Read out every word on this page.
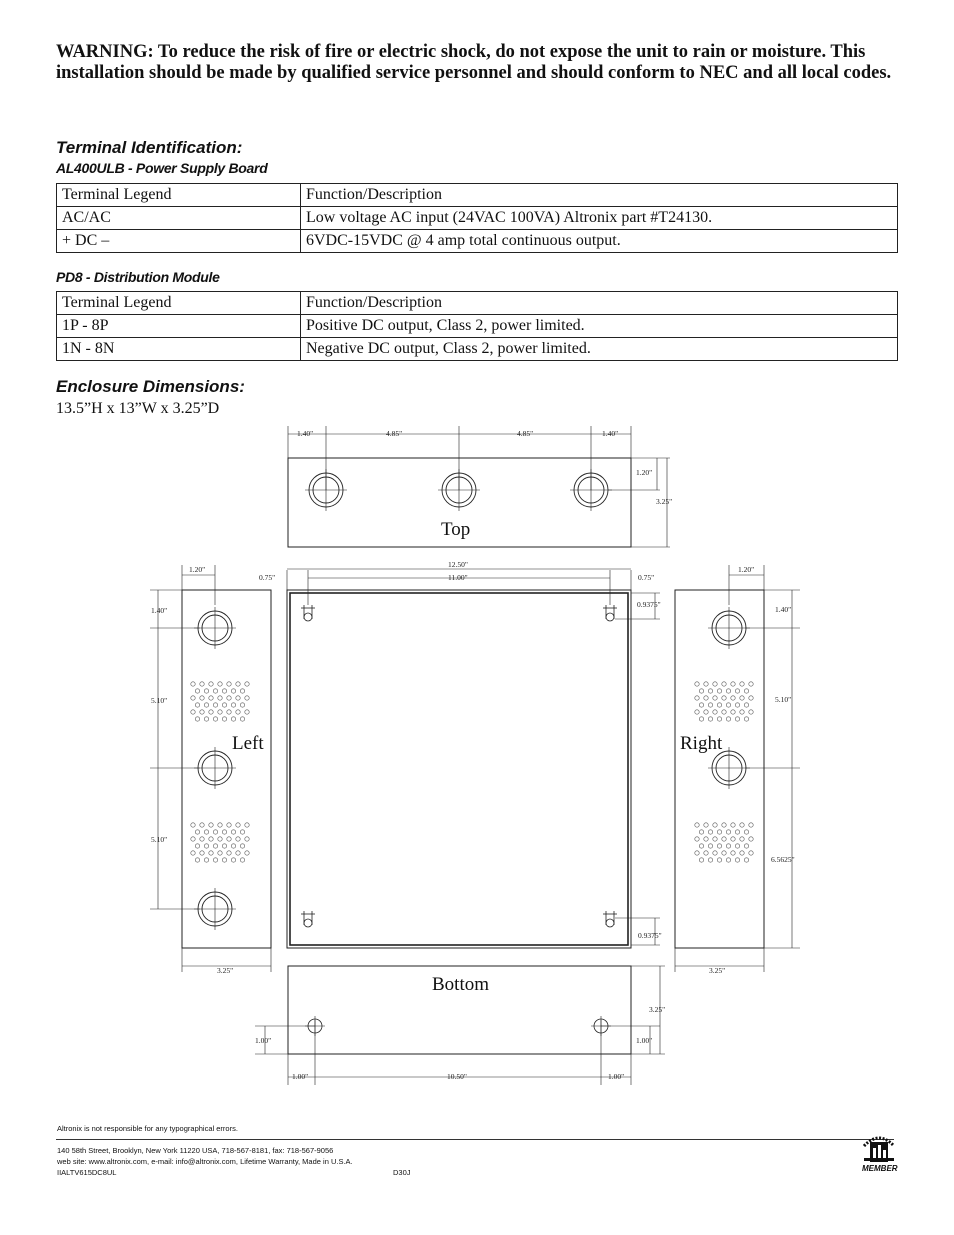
WARNING: To reduce the risk of fire or electric shock, do not expose the unit to rain or moisture. This installation should be made by qualified service personnel and should conform to NEC and all local codes.
Terminal Identification:
AL400ULB - Power Supply Board
Terminal Legend	Function/Description
AC/AC	Low voltage AC input (24VAC 100VA) Altronix part #T24130.
+ DC –	6VDC-15VDC @ 4 amp total continuous output.
PD8 - Distribution Module
Terminal Legend	Function/Description
1P - 8P	Positive DC output, Class 2, power limited.
1N - 8N	Negative DC output, Class 2, power limited.
Enclosure Dimensions:
13.5”H x 13”W x 3.25”D
Top
Left	Right
Bottom
1.40"	4.85"	4.85"	1.40"
1.20"
3.25"
12.50"
11.00"
0.75"	0.75"
0.9375"
0.9375"
1.20"
1.40"
5.10"
5.10"
3.25"
1.20"
1.40"
5.10"
6.5625"
3.25"
3.25"
1.00"	1.00"
1.00"	10.50"	1.00"
Altronix is not responsible for any typographical errors.
140 58th Street, Brooklyn, New York 11220 USA, 718-567-8181, fax: 718-567-9056
web site: www.altronix.com, e-mail: info@altronix.com, Lifetime Warranty, Made in U.S.A.
IIALTV615DC8UL	D30J	MEMBER
